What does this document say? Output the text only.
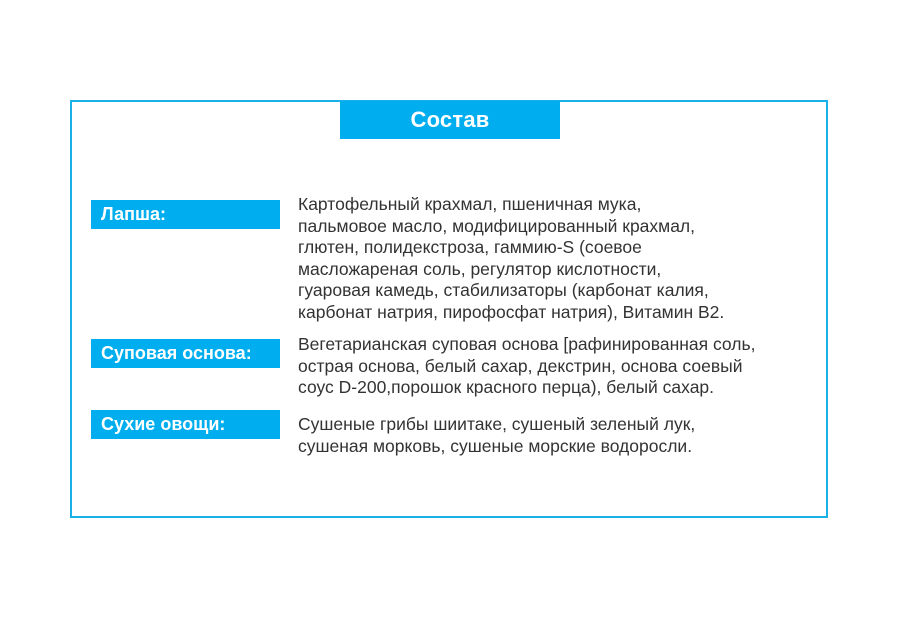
Состав
Лапша:	Картофельный крахмал, пшеничная мука,
пальмовое масло, модифицированный крахмал,
глютен, полидекстроза, гаммию-S (соевое
масложареная соль, регулятор кислотности,
гуаровая камедь, стабилизаторы (карбонат калия,
карбонат натрия, пирофосфат натрия), Витамин В2.
Суповая основа:	Вегетарианская суповая основа [рафинированная соль,
острая основа, белый сахар, декстрин, основа соевый
соус D-200,порошок красного перца), белый сахар.
Сухие овощи:	Сушеные грибы шиитаке, сушеный зеленый лук,
сушеная морковь, сушеные морские водоросли.
